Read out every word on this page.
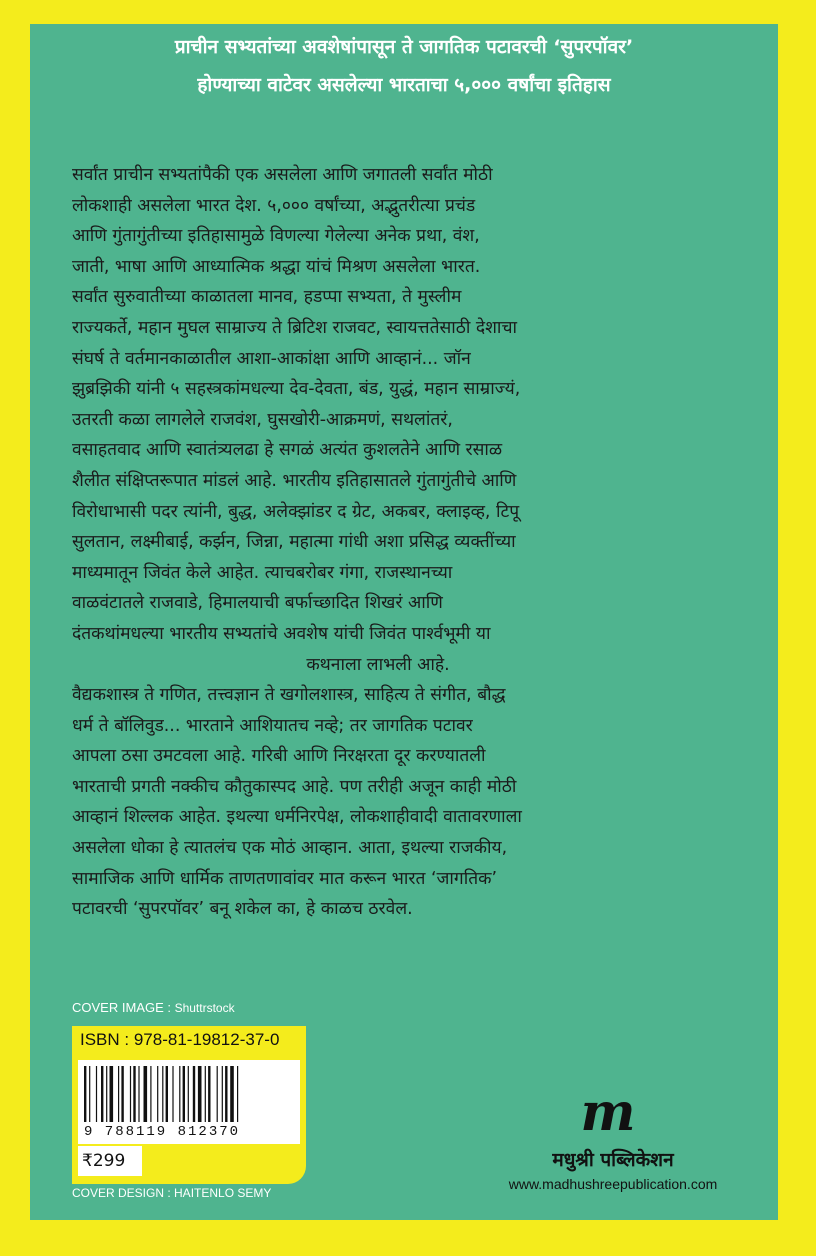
प्राचीन सभ्यतांच्या अवशेषांपासून ते जागतिक पटावरची ‘सुपरपॉवर’
होण्याच्या वाटेवर असलेल्या भारताचा ५,००० वर्षांचा इतिहास
सर्वांत प्राचीन सभ्यतांपैकी एक असलेला आणि जगातली सर्वांत मोठी
लोकशाही असलेला भारत देश. ५,००० वर्षांच्या, अद्भुतरीत्या प्रचंड
आणि गुंतागुंतीच्या इतिहासामुळे विणल्या गेलेल्या अनेक प्रथा, वंश,
जाती, भाषा आणि आध्यात्मिक श्रद्धा यांचं मिश्रण असलेला भारत.
सर्वांत सुरुवातीच्या काळातला मानव, हडप्पा सभ्यता, ते मुस्लीम
राज्यकर्ते, महान मुघल साम्राज्य ते ब्रिटिश राजवट, स्वायत्ततेसाठी देशाचा
संघर्ष ते वर्तमानकाळातील आशा-आकांक्षा आणि आव्हानं... जॉन
झुब्रझिकी यांनी ५ सहस्त्रकांमधल्या देव-देवता, बंड, युद्धं, महान साम्राज्यं,
उतरती कळा लागलेले राजवंश, घुसखोरी-आक्रमणं, सथलांतरं,
वसाहतवाद आणि स्वातंत्र्यलढा हे सगळं अत्यंत कुशलतेने आणि रसाळ
शैलीत संक्षिप्तरूपात मांडलं आहे. भारतीय इतिहासातले गुंतागुंतीचे आणि
विरोधाभासी पदर त्यांनी, बुद्ध, अलेक्झांडर द ग्रेट, अकबर, क्लाइव्ह, टिपू
सुलतान, लक्ष्मीबाई, कर्झन, जिन्ना, महात्मा गांधी अशा प्रसिद्ध व्यक्तींच्या
माध्यमातून जिवंत केले आहेत. त्याचबरोबर गंगा, राजस्थानच्या
वाळवंटातले राजवाडे, हिमालयाची बर्फाच्छादित शिखरं आणि
दंतकथांमधल्या भारतीय सभ्यतांचे अवशेष यांची जिवंत पार्श्वभूमी या
कथनाला लाभली आहे.
वैद्यकशास्त्र ते गणित, तत्त्वज्ञान ते खगोलशास्त्र, साहित्य ते संगीत, बौद्ध
धर्म ते बॉलिवुड... भारताने आशियातच नव्हे; तर जागतिक पटावर
आपला ठसा उमटवला आहे. गरिबी आणि निरक्षरता दूर करण्यातली
भारताची प्रगती नक्कीच कौतुकास्पद आहे. पण तरीही अजून काही मोठी
आव्हानं शिल्लक आहेत. इथल्या धर्मनिरपेक्ष, लोकशाहीवादी वातावरणाला
असलेला धोका हे त्यातलंच एक मोठं आव्हान. आता, इथल्या राजकीय,
सामाजिक आणि धार्मिक ताणतणावांवर मात करून भारत ‘जागतिक’
पटावरची ‘सुपरपॉवर’ बनू शकेल का, हे काळच ठरवेल.
COVER IMAGE : Shuttrstock
ISBN : 978-81-19812-37-0
9 788119 812370
₹299
COVER DESIGN : HAITENLO SEMY
m
मधुश्री पब्लिकेशन
www.madhushreepublication.com
